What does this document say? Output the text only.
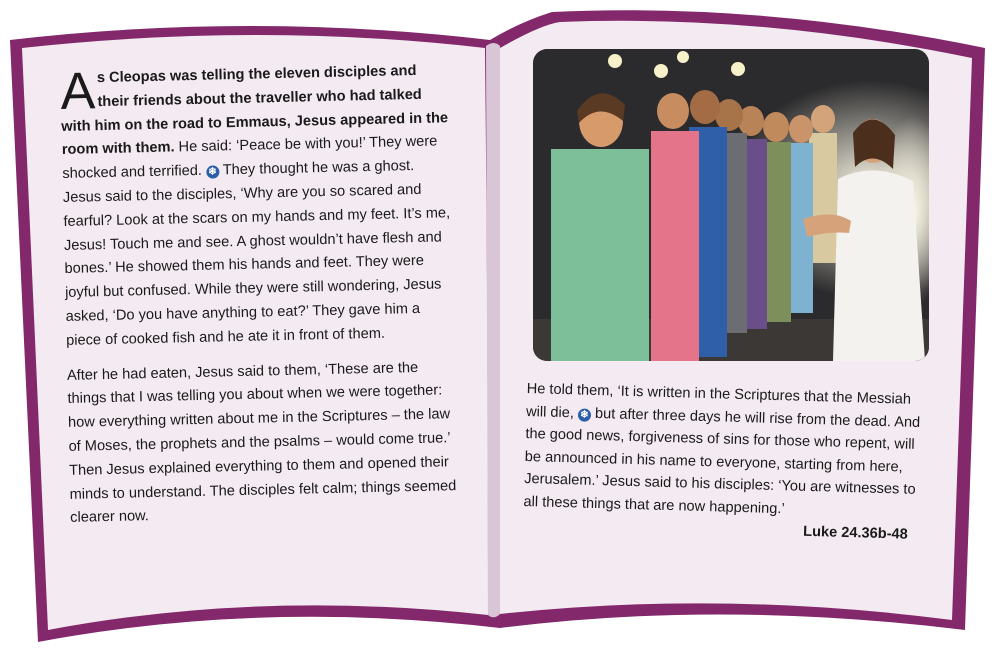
As Cleopas was telling the eleven disciples and their friends about the traveller who had talked with him on the road to Emmaus, Jesus appeared in the room with them. He said: ‘Peace be with you!’ They were shocked and terrified. ❄ They thought he was a ghost. Jesus said to the disciples, ‘Why are you so scared and fearful? Look at the scars on my hands and my feet. It’s me, Jesus! Touch me and see. A ghost wouldn’t have flesh and bones.’ He showed them his hands and feet. They were joyful but confused. While they were still wondering, Jesus asked, ‘Do you have anything to eat?’ They gave him a piece of cooked fish and he ate it in front of them.

After he had eaten, Jesus said to them, ‘These are the things that I was telling you about when we were together: how everything written about me in the Scriptures – the law of Moses, the prophets and the psalms – would come true.’ Then Jesus explained everything to them and opened their minds to understand. The disciples felt calm; things seemed clearer now.

He told them, ‘It is written in the Scriptures that the Messiah will die, ❄ but after three days he will rise from the dead. And the good news, forgiveness of sins for those who repent, will be announced in his name to everyone, starting from here, Jerusalem.’ Jesus said to his disciples: ‘You are witnesses to all these things that are now happening.’

Luke 24.36b-48
